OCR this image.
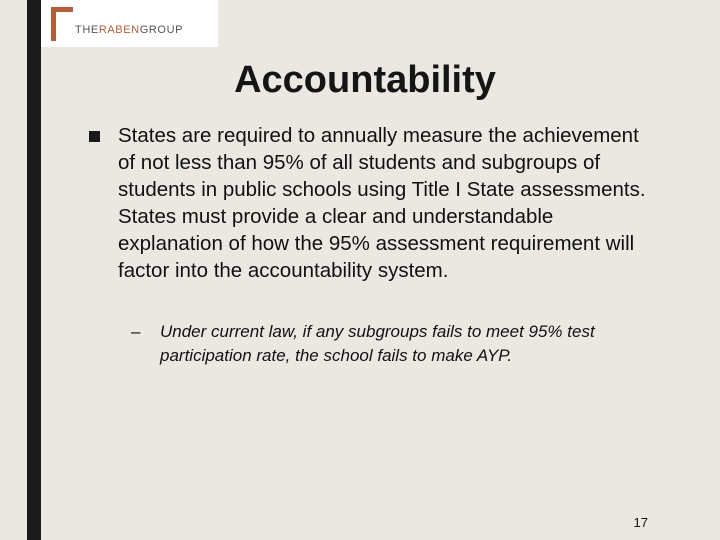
THERABENGROUP
Accountability

States are required to annually measure the achievement of not less than 95% of all students and subgroups of students in public schools using Title I State assessments. States must provide a clear and understandable explanation of how the 95% assessment requirement will factor into the accountability system.

– Under current law, if any subgroups fails to meet 95% test participation rate, the school fails to make AYP.

17
